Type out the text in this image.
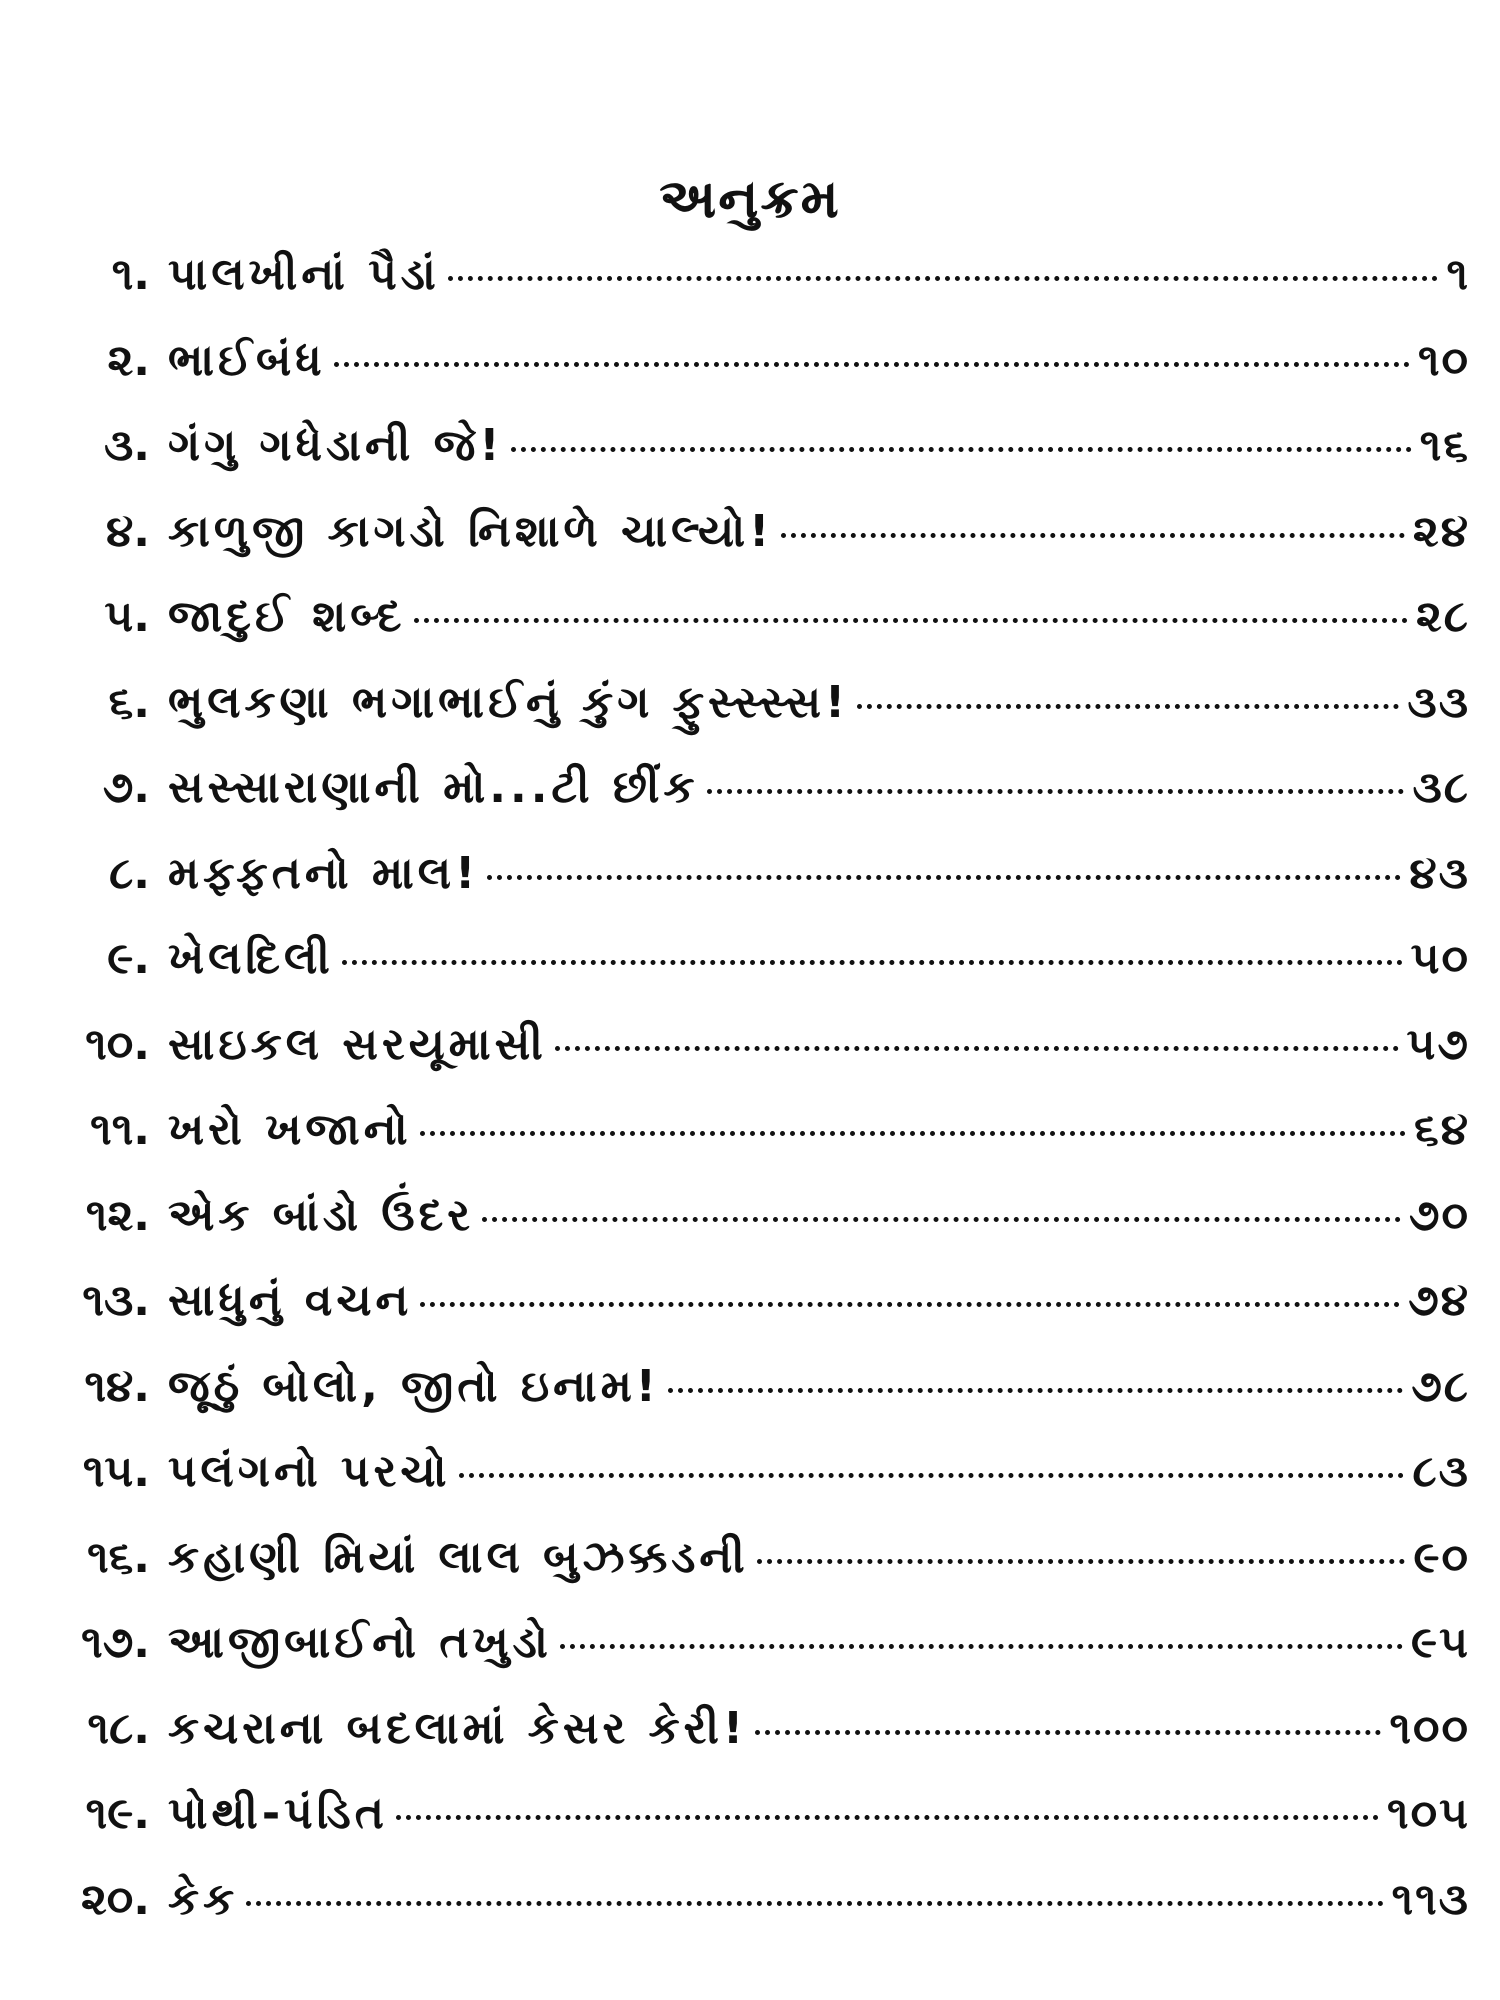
અનુક્રમ
૧. પાલખીનાં પૈડાં	૧
૨. ભાઈબંધ	૧૦
૩. ગંગુ ગધેડાની જે!	૧૬
૪. કાળુજી કાગડો નિશાળે ચાલ્યો!	૨૪
૫. જાદુઈ શબ્દ	૨૮
૬. ભુલકણા ભગાભાઈનું કુંગ ફુસ્સ્સ્સ!	૩૩
૭. સસ્સારાણાની મો...ટી છીંક	૩૮
૮. મફ્ફતનો માલ!	૪૩
૯. ખેલદિલી	૫૦
૧૦. સાઇકલ સરયૂમાસી	૫૭
૧૧. ખરો ખજાનો	૬૪
૧૨. એક બાંડો ઉંદર	૭૦
૧૩. સાધુનું વચન	૭૪
૧૪. જૂઠું બોલો, જીતો ઇનામ!	૭૮
૧૫. પલંગનો પરચો	૮૩
૧૬. કહાણી મિયાં લાલ બુઝક્કડની	૯૦
૧૭. આજીબાઈનો તખુડો	૯૫
૧૮. કચરાના બદલામાં કેસર કેરી!	૧૦૦
૧૯. પોથી-પંડિત	૧૦૫
૨૦. કેક	૧૧૩
